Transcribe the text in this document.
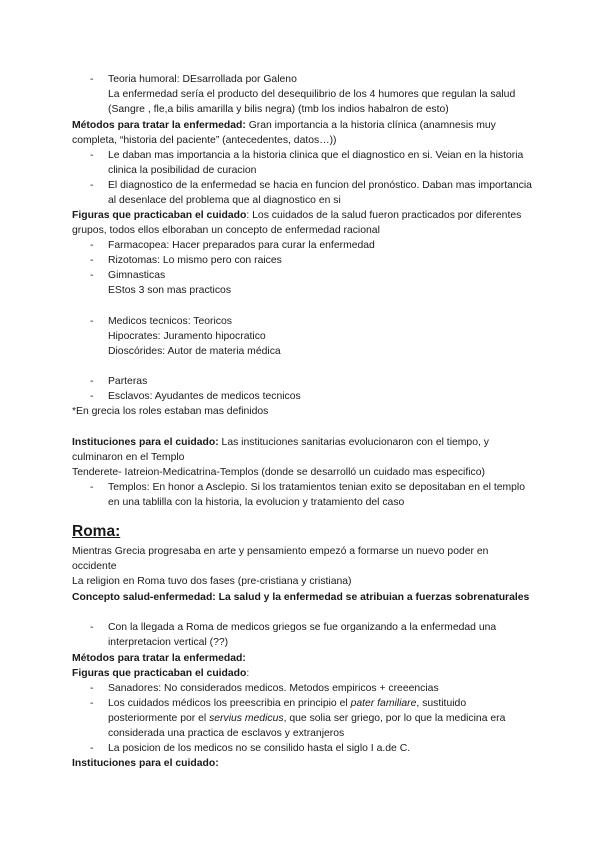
- Teoria humoral: DEsarrollada por Galeno
La enfermedad sería el producto del desequilibrio de los 4 humores que regulan la salud (Sangre , fle,a bilis amarilla y bilis negra) (tmb los indios habalron de esto)
Métodos para tratar la enfermedad: Gran importancia a la historia clínica (anamnesis muy completa, “historia del paciente” (antecedentes, datos…))
- Le daban mas importancia a la historia clinica que el diagnostico en si. Veian en la historia clinica la posibilidad de curacion
- El diagnostico de la enfermedad se hacia en funcion del pronóstico. Daban mas importancia al desenlace del problema que al diagnostico en si
Figuras que practicaban el cuidado: Los cuidados de la salud fueron practicados por diferentes grupos, todos ellos elboraban un concepto de enfermedad racional
- Farmacopea: Hacer preparados para curar la enfermedad
- Rizotomas: Lo mismo pero con raices
- Gimnasticas
EStos 3 son mas practicos
- Medicos tecnicos: Teoricos
Hipocrates: Juramento hipocratico
Dioscórides: Autor de materia médica
- Parteras
- Esclavos: Ayudantes de medicos tecnicos
*En grecia los roles estaban mas definidos
Instituciones para el cuidado: Las instituciones sanitarias evolucionaron con el tiempo, y culminaron en el Templo
Tenderete- Iatreion-Medicatrina-Templos (donde se desarrolló un cuidado mas especifico)
- Templos: En honor a Asclepio. Si los tratamientos tenian exito se depositaban en el templo en una tablilla con la historia, la evolucion y tratamiento del caso
Roma:
Mientras Grecia progresaba en arte y pensamiento empezó a formarse un nuevo poder en occidente
La religion en Roma tuvo dos fases (pre-cristiana y cristiana)
Concepto salud-enfermedad: La salud y la enfermedad se atribuian a fuerzas sobrenaturales
- Con la llegada a Roma de medicos griegos se fue organizando a la enfermedad una interpretacion vertical (??)
Métodos para tratar la enfermedad:
Figuras que practicaban el cuidado:
- Sanadores: No considerados medicos. Metodos empiricos + creeencias
- Los cuidados médicos los preescribia en principio el pater familiare, sustituido posteriormente por el servius medicus, que solia ser griego, por lo que la medicina era considerada una practica de esclavos y extranjeros
- La posicion de los medicos no se consilido hasta el siglo I a.de C.
Instituciones para el cuidado:
